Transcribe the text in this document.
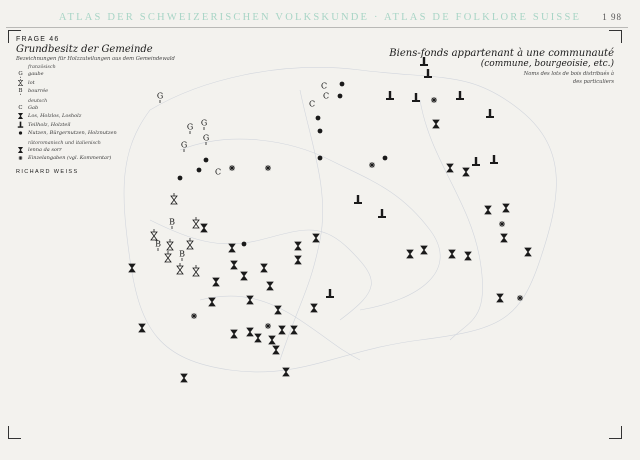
ATLAS DER SCHWEIZERISCHEN VOLKSKUNDE · ATLAS DE FOLKLORE SUISSE	1 98
G
G G
G
G
C
C
C
C
B
B
B
FRAGE 46
Grundbesitz der Gemeinde
Bezeichnungen für Holzzuteilungen aus dem Gemeindewald
französisch
G gaube
lot
B bourrée
deutsch
C Gab
Los, Holzlos, Losholz
Teilholz, Holzteil
Nutzen, Bürgernutzen, Holznutzen
rätoromanisch und italienisch
lenna da sorr
Einzelangaben (vgl. Kommentar)
RICHARD WEISS
Biens-fonds appartenant à une communauté
(commune, bourgeoisie, etc.)
Noms des lots de bois distribués à
des particuliers
